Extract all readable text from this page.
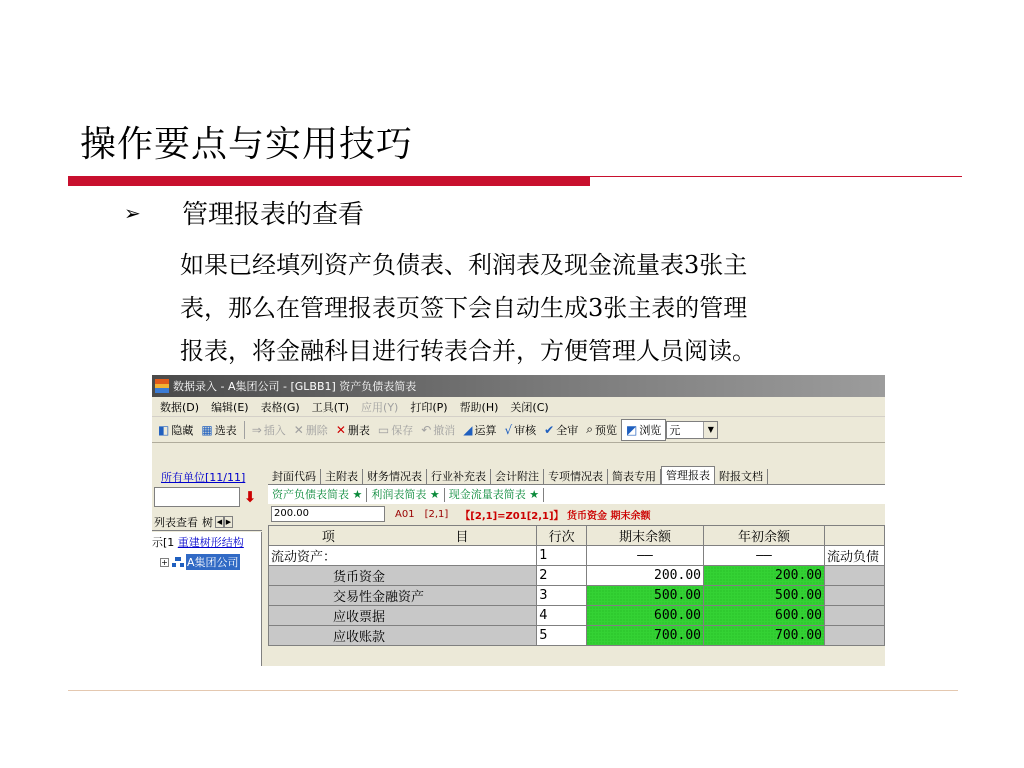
操作要点与实用技巧
➢ 管理报表的查看
如果已经填列资产负债表、利润表及现金流量表3张主
表，那么在管理报表页签下会自动生成3张主表的管理
报表，将金融科目进行转表合并，方便管理人员阅读。
数据录入 - A集团公司 - [GLBB1] 资产负债表简表
数据(D)	编辑(E)	表格(G)	工具(T)	应用(Y)	打印(P)	帮助(H)	关闭(C)
◧ 隐藏 ▦ 选表 ⇒ 插入 ✕ 删除 ✕ 删表 ▭ 保存 ↶ 撤消 ◢ 运算 √ 审核 ✔ 全审 ⌕ 预览 ◩ 浏览 元	▼
所有单位[11/11]
⬇
列表查看 树 ◀ ▶
示[1 重建树形结构
+ A集团公司
封面代码 主附表 财务情况表 行业补充表 会计附注 专项情况表 简表专用 管理报表 附报文档
资产负债表简表 ★ 利润表简表 ★ 现金流量表简表 ★
200.00	A01 [2,1] 【[2,1]=Z01[2,1]】 货币资金 期末余额
项	目	行次	期末余额	年初余额	
流动资产：		1	——	——	流动负债
货币资金		2	200.00	200.00	
交易性金融资产		3	500.00	500.00	
应收票据		4	600.00	600.00	
应收账款		5	700.00	700.00	
